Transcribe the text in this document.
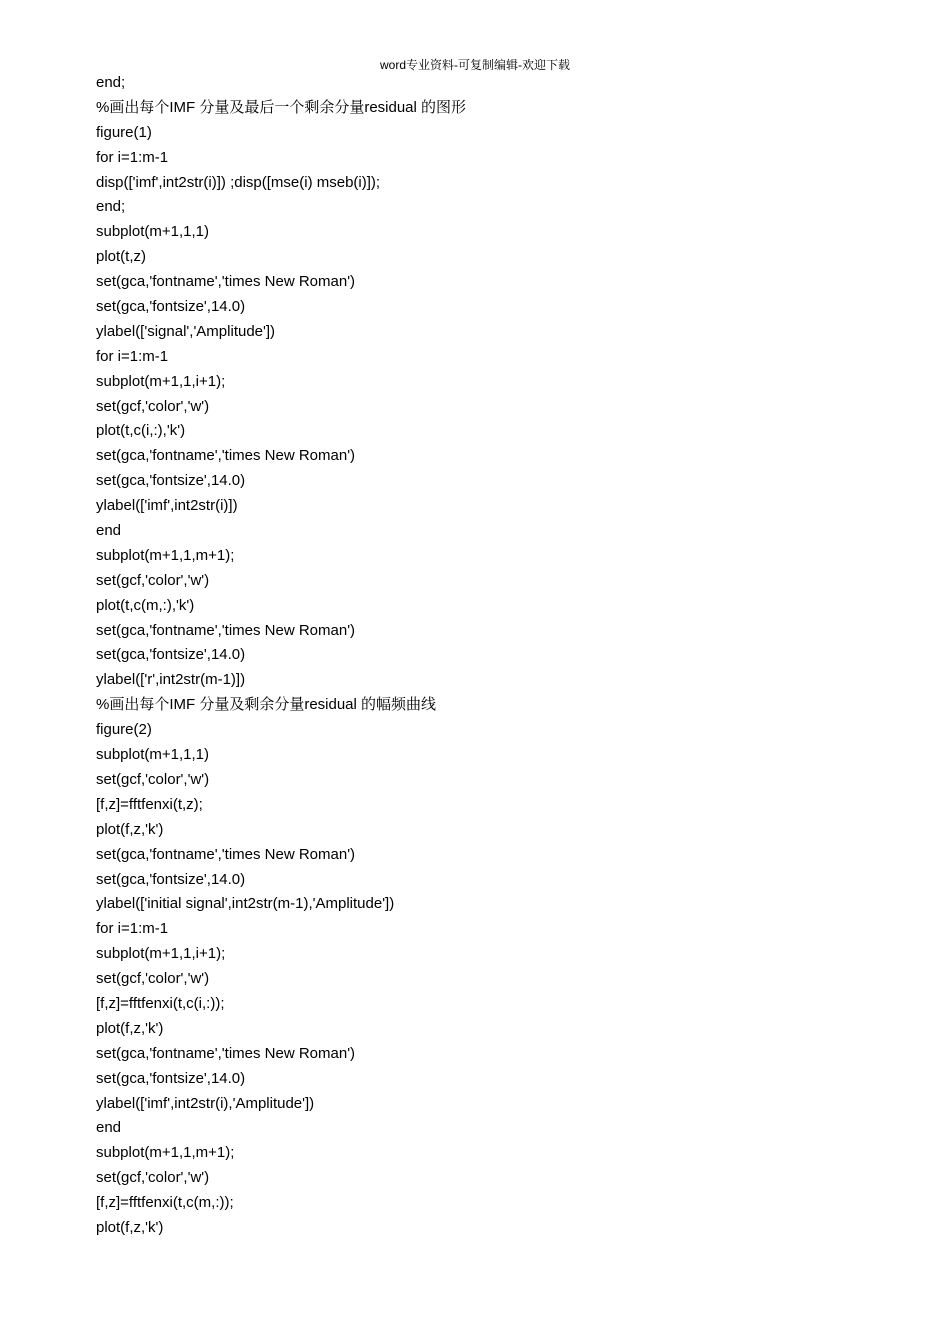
word专业资料-可复制编辑-欢迎下载
end;
%画出每个IMF 分量及最后一个剩余分量residual 的图形
figure(1)
for i=1:m-1
disp(['imf',int2str(i)]) ;disp([mse(i) mseb(i)]);
end;
subplot(m+1,1,1)
plot(t,z)
set(gca,'fontname','times New Roman')
set(gca,'fontsize',14.0)
ylabel(['signal','Amplitude'])
for i=1:m-1
subplot(m+1,1,i+1);
set(gcf,'color','w')
plot(t,c(i,:),'k')
set(gca,'fontname','times New Roman')
set(gca,'fontsize',14.0)
ylabel(['imf',int2str(i)])
end
subplot(m+1,1,m+1);
set(gcf,'color','w')
plot(t,c(m,:),'k')
set(gca,'fontname','times New Roman')
set(gca,'fontsize',14.0)
ylabel(['r',int2str(m-1)])
%画出每个IMF 分量及剩余分量residual 的幅频曲线
figure(2)
subplot(m+1,1,1)
set(gcf,'color','w')
[f,z]=fftfenxi(t,z);
plot(f,z,'k')
set(gca,'fontname','times New Roman')
set(gca,'fontsize',14.0)
ylabel(['initial signal',int2str(m-1),'Amplitude'])
for i=1:m-1
subplot(m+1,1,i+1);
set(gcf,'color','w')
[f,z]=fftfenxi(t,c(i,:));
plot(f,z,'k')
set(gca,'fontname','times New Roman')
set(gca,'fontsize',14.0)
ylabel(['imf',int2str(i),'Amplitude'])
end
subplot(m+1,1,m+1);
set(gcf,'color','w')
[f,z]=fftfenxi(t,c(m,:));
plot(f,z,'k')
